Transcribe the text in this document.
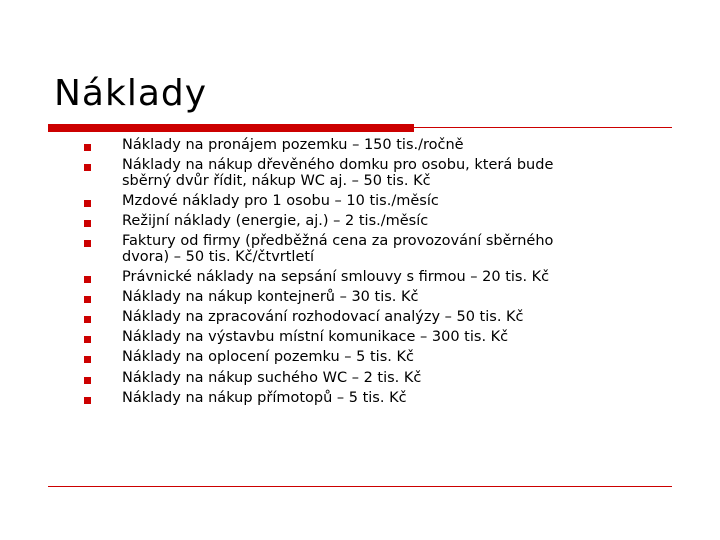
Náklady
Náklady na pronájem pozemku – 150 tis./ročně
Náklady na nákup dřevěného domku pro osobu, která bude
sběrný dvůr řídit, nákup WC aj. – 50 tis. Kč
Mzdové náklady pro 1 osobu – 10 tis./měsíc
Režijní náklady (energie, aj.) – 2 tis./měsíc
Faktury od firmy (předběžná cena za provozování sběrného
dvora) – 50 tis. Kč/čtvrtletí
Právnické náklady na sepsání smlouvy s firmou – 20 tis. Kč
Náklady na nákup kontejnerů – 30 tis. Kč
Náklady na zpracování rozhodovací analýzy – 50 tis. Kč
Náklady na výstavbu místní komunikace – 300 tis. Kč
Náklady na oplocení pozemku – 5 tis. Kč
Náklady na nákup suchého WC – 2 tis. Kč
Náklady na nákup přímotopů – 5 tis. Kč
